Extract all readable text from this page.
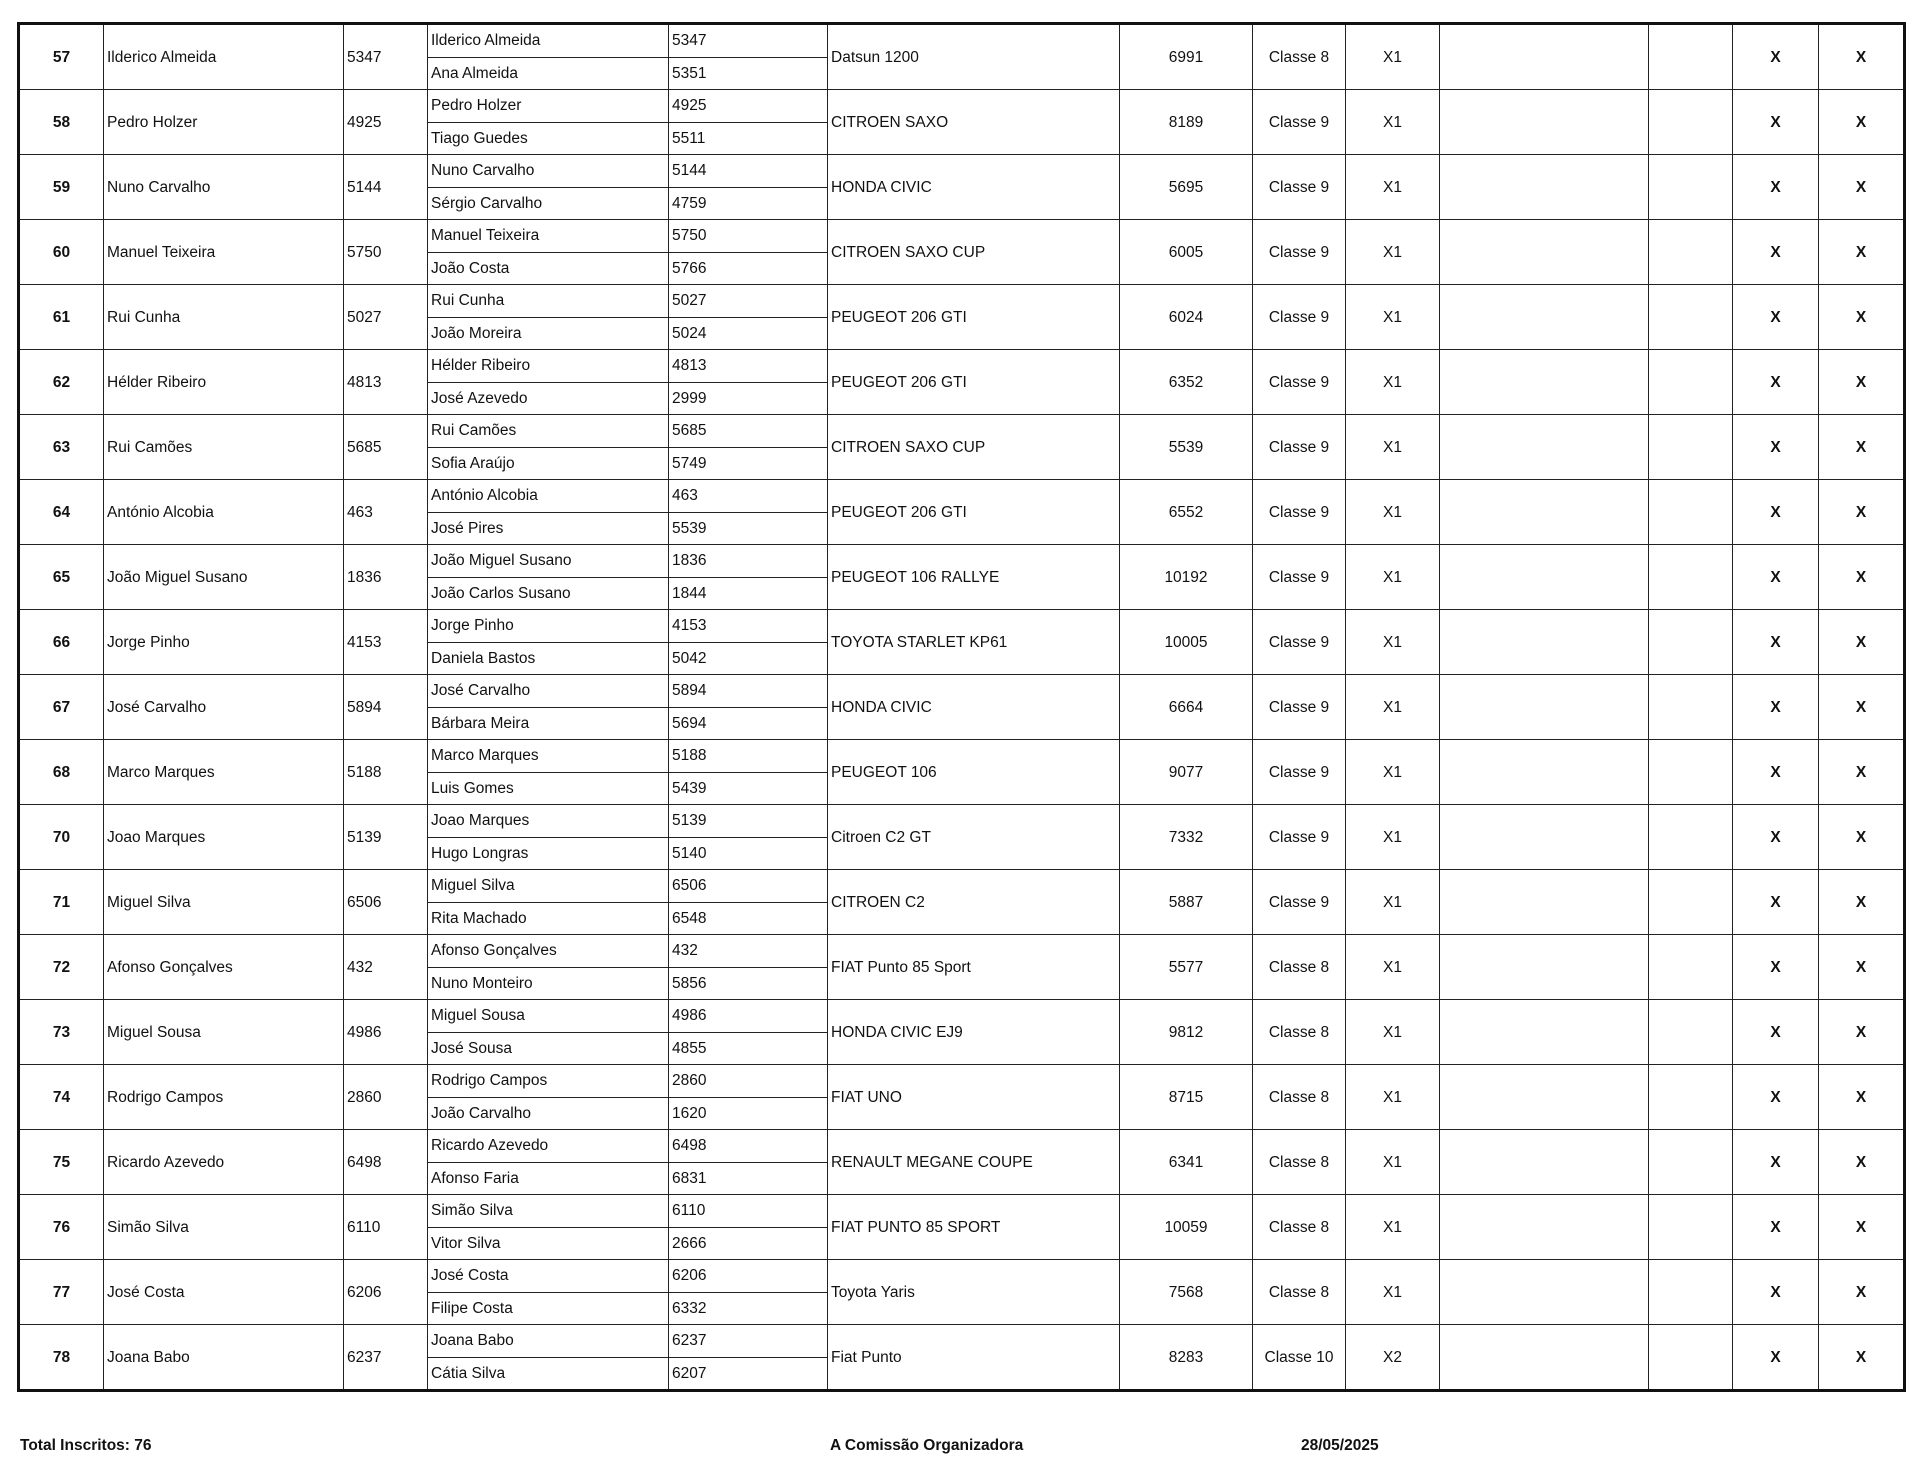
57	Ilderico Almeida	5347	Ilderico Almeida	5347	Datsun 1200	6991	Classe 8	X1			X	X
			Ana Almeida	5351								
58	Pedro Holzer	4925	Pedro Holzer	4925	CITROEN SAXO	8189	Classe 9	X1			X	X
			Tiago Guedes	5511								
59	Nuno Carvalho	5144	Nuno Carvalho	5144	HONDA CIVIC	5695	Classe 9	X1			X	X
			Sérgio Carvalho	4759								
60	Manuel Teixeira	5750	Manuel Teixeira	5750	CITROEN SAXO CUP	6005	Classe 9	X1			X	X
			João Costa	5766								
61	Rui Cunha	5027	Rui Cunha	5027	PEUGEOT 206 GTI	6024	Classe 9	X1			X	X
			João Moreira	5024								
62	Hélder Ribeiro	4813	Hélder Ribeiro	4813	PEUGEOT 206 GTI	6352	Classe 9	X1			X	X
			José Azevedo	2999								
63	Rui Camões	5685	Rui Camões	5685	CITROEN SAXO CUP	5539	Classe 9	X1			X	X
			Sofia Araújo	5749								
64	António Alcobia	463	António Alcobia	463	PEUGEOT 206 GTI	6552	Classe 9	X1			X	X
			José Pires	5539								
65	João Miguel Susano	1836	João Miguel Susano	1836	PEUGEOT 106 RALLYE	10192	Classe 9	X1			X	X
			João Carlos Susano	1844								
66	Jorge Pinho	4153	Jorge Pinho	4153	TOYOTA STARLET KP61	10005	Classe 9	X1			X	X
			Daniela Bastos	5042								
67	José Carvalho	5894	José Carvalho	5894	HONDA CIVIC	6664	Classe 9	X1			X	X
			Bárbara Meira	5694								
68	Marco Marques	5188	Marco Marques	5188	PEUGEOT 106	9077	Classe 9	X1			X	X
			Luis Gomes	5439								
70	Joao Marques	5139	Joao Marques	5139	Citroen C2 GT	7332	Classe 9	X1			X	X
			Hugo Longras	5140								
71	Miguel Silva	6506	Miguel Silva	6506	CITROEN C2	5887	Classe 9	X1			X	X
			Rita Machado	6548								
72	Afonso Gonçalves	432	Afonso Gonçalves	432	FIAT Punto 85 Sport	5577	Classe 8	X1			X	X
			Nuno Monteiro	5856								
73	Miguel Sousa	4986	Miguel Sousa	4986	HONDA CIVIC EJ9	9812	Classe 8	X1			X	X
			José Sousa	4855								
74	Rodrigo Campos	2860	Rodrigo Campos	2860	FIAT UNO	8715	Classe 8	X1			X	X
			João Carvalho	1620								
75	Ricardo Azevedo	6498	Ricardo Azevedo	6498	RENAULT MEGANE COUPE	6341	Classe 8	X1			X	X
			Afonso Faria	6831								
76	Simão Silva	6110	Simão Silva	6110	FIAT PUNTO 85 SPORT	10059	Classe 8	X1			X	X
			Vitor Silva	2666								
77	José Costa	6206	José Costa	6206	Toyota Yaris	7568	Classe 8	X1			X	X
			Filipe Costa	6332								
78	Joana Babo	6237	Joana Babo	6237	Fiat Punto	8283	Classe 10	X2			X	X
			Cátia Silva	6207								
Total Inscritos: 76	A Comissão Organizadora	28/05/2025
